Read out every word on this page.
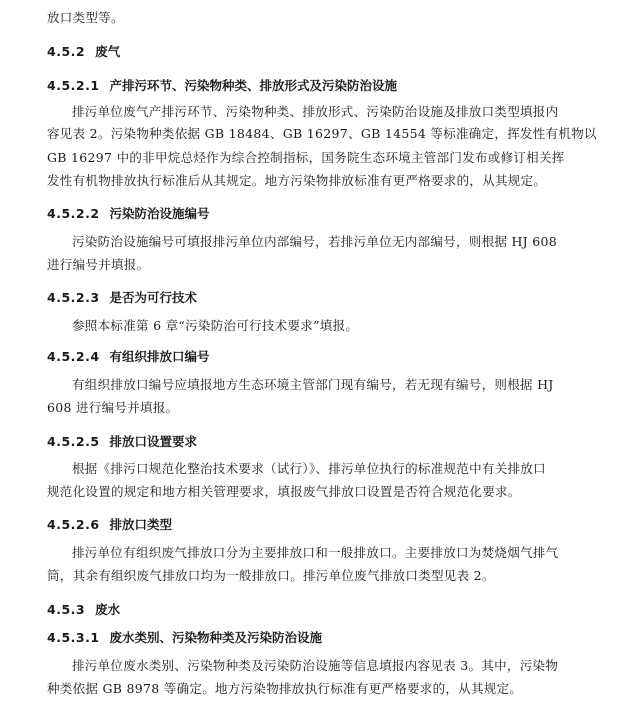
放口类型等。
4.5.2 废气
4.5.2.1 产排污环节、污染物种类、排放形式及污染防治设施
排污单位废气产排污环节、污染物种类、排放形式、污染防治设施及排放口类型填报内
容见表 2。污染物种类依据 GB 18484、GB 16297、GB 14554 等标准确定，挥发性有机物以
GB 16297 中的非甲烷总烃作为综合控制指标，国务院生态环境主管部门发布或修订相关挥
发性有机物排放执行标准后从其规定。地方污染物排放标准有更严格要求的，从其规定。
4.5.2.2 污染防治设施编号
污染防治设施编号可填报排污单位内部编号，若排污单位无内部编号，则根据 HJ 608
进行编号并填报。
4.5.2.3 是否为可行技术
参照本标准第 6 章“污染防治可行技术要求”填报。
4.5.2.4 有组织排放口编号
有组织排放口编号应填报地方生态环境主管部门现有编号，若无现有编号，则根据 HJ
608 进行编号并填报。
4.5.2.5 排放口设置要求
根据《排污口规范化整治技术要求（试行）》、排污单位执行的标准规范中有关排放口
规范化设置的规定和地方相关管理要求，填报废气排放口设置是否符合规范化要求。
4.5.2.6 排放口类型
排污单位有组织废气排放口分为主要排放口和一般排放口。主要排放口为焚烧烟气排气
筒，其余有组织废气排放口均为一般排放口。排污单位废气排放口类型见表 2。
4.5.3 废水
4.5.3.1 废水类别、污染物种类及污染防治设施
排污单位废水类别、污染物种类及污染防治设施等信息填报内容见表 3。其中，污染物
种类依据 GB 8978 等确定。地方污染物排放执行标准有更严格要求的，从其规定。
